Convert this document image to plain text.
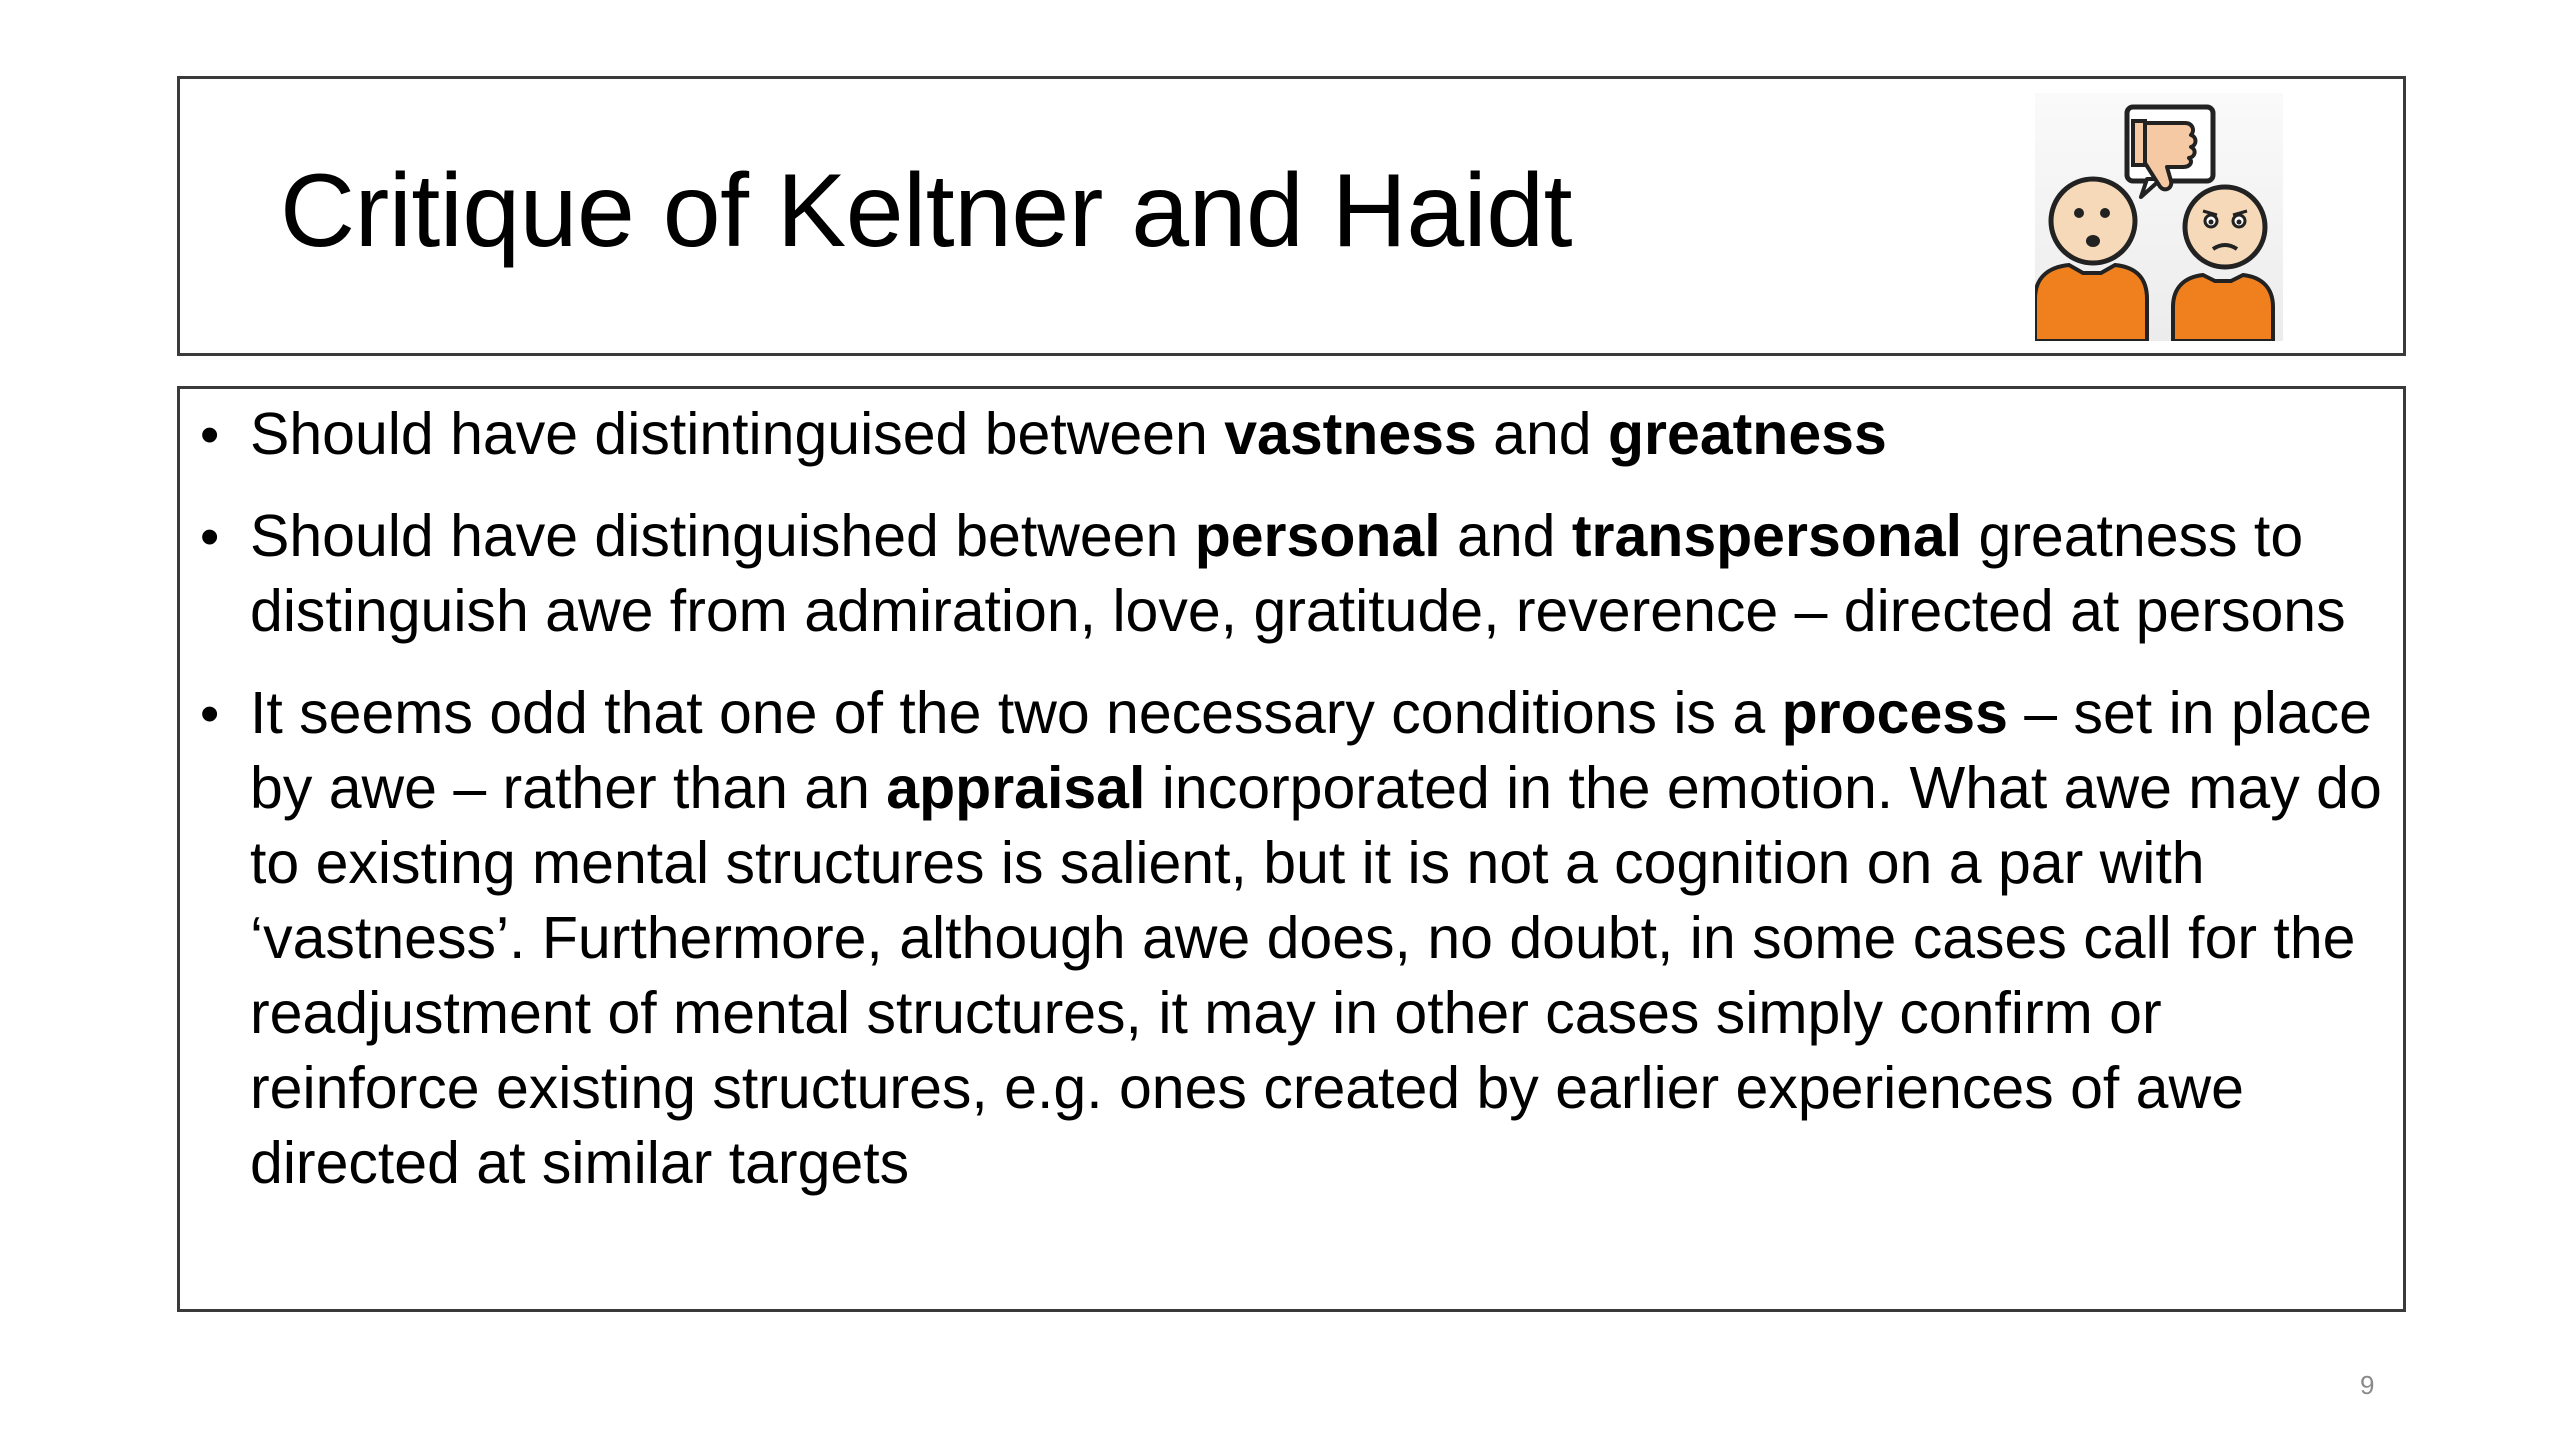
Critique of Keltner and Haidt
• Should have distintinguised between vastness and greatness
• Should have distinguished between personal and transpersonal greatness to distinguish awe from admiration, love, gratitude, reverence – directed at persons
• It seems odd that one of the two necessary conditions is a process – set in place by awe – rather than an appraisal incorporated in the emotion. What awe may do to existing mental structures is salient, but it is not a cognition on a par with ‘vastness’. Furthermore, although awe does, no doubt, in some cases call for the readjustment of mental structures, it may in other cases simply confirm or reinforce existing structures, e.g. ones created by earlier experiences of awe directed at similar targets
9
